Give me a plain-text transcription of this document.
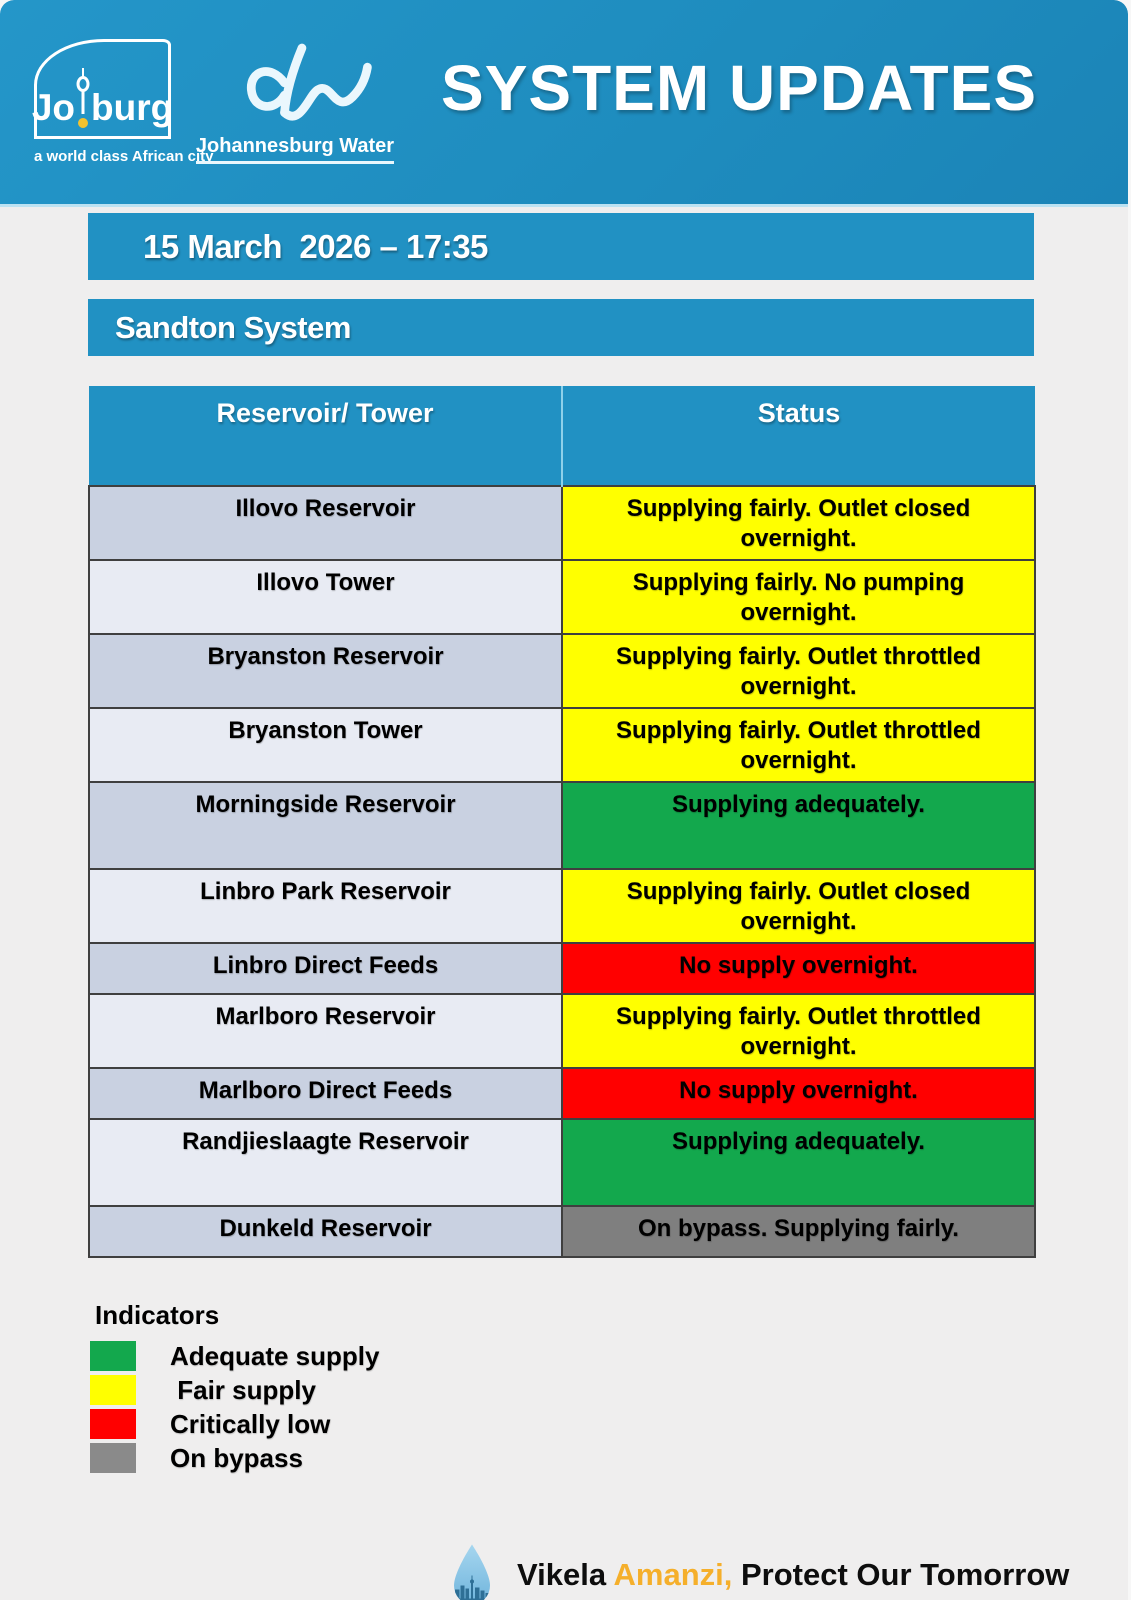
Jo burg
a world class African city
Johannesburg Water
SYSTEM UPDATES
15 March  2026 – 17:35
Sandton System
Reservoir/ Tower	Status
Illovo Reservoir	Supplying fairly. Outlet closed overnight.
Illovo Tower	Supplying fairly. No pumping overnight.
Bryanston Reservoir	Supplying fairly. Outlet throttled overnight.
Bryanston Tower	Supplying fairly. Outlet throttled overnight.
Morningside Reservoir	Supplying adequately.
Linbro Park Reservoir	Supplying fairly. Outlet closed overnight.
Linbro Direct Feeds	No supply overnight.
Marlboro Reservoir	Supplying fairly. Outlet throttled overnight.
Marlboro Direct Feeds	No supply overnight.
Randjieslaagte Reservoir	Supplying adequately.
Dunkeld Reservoir	On bypass. Supplying fairly.
Indicators
Adequate supply
Fair supply
Critically low
On bypass
Vikela Amanzi, Protect Our Tomorrow
